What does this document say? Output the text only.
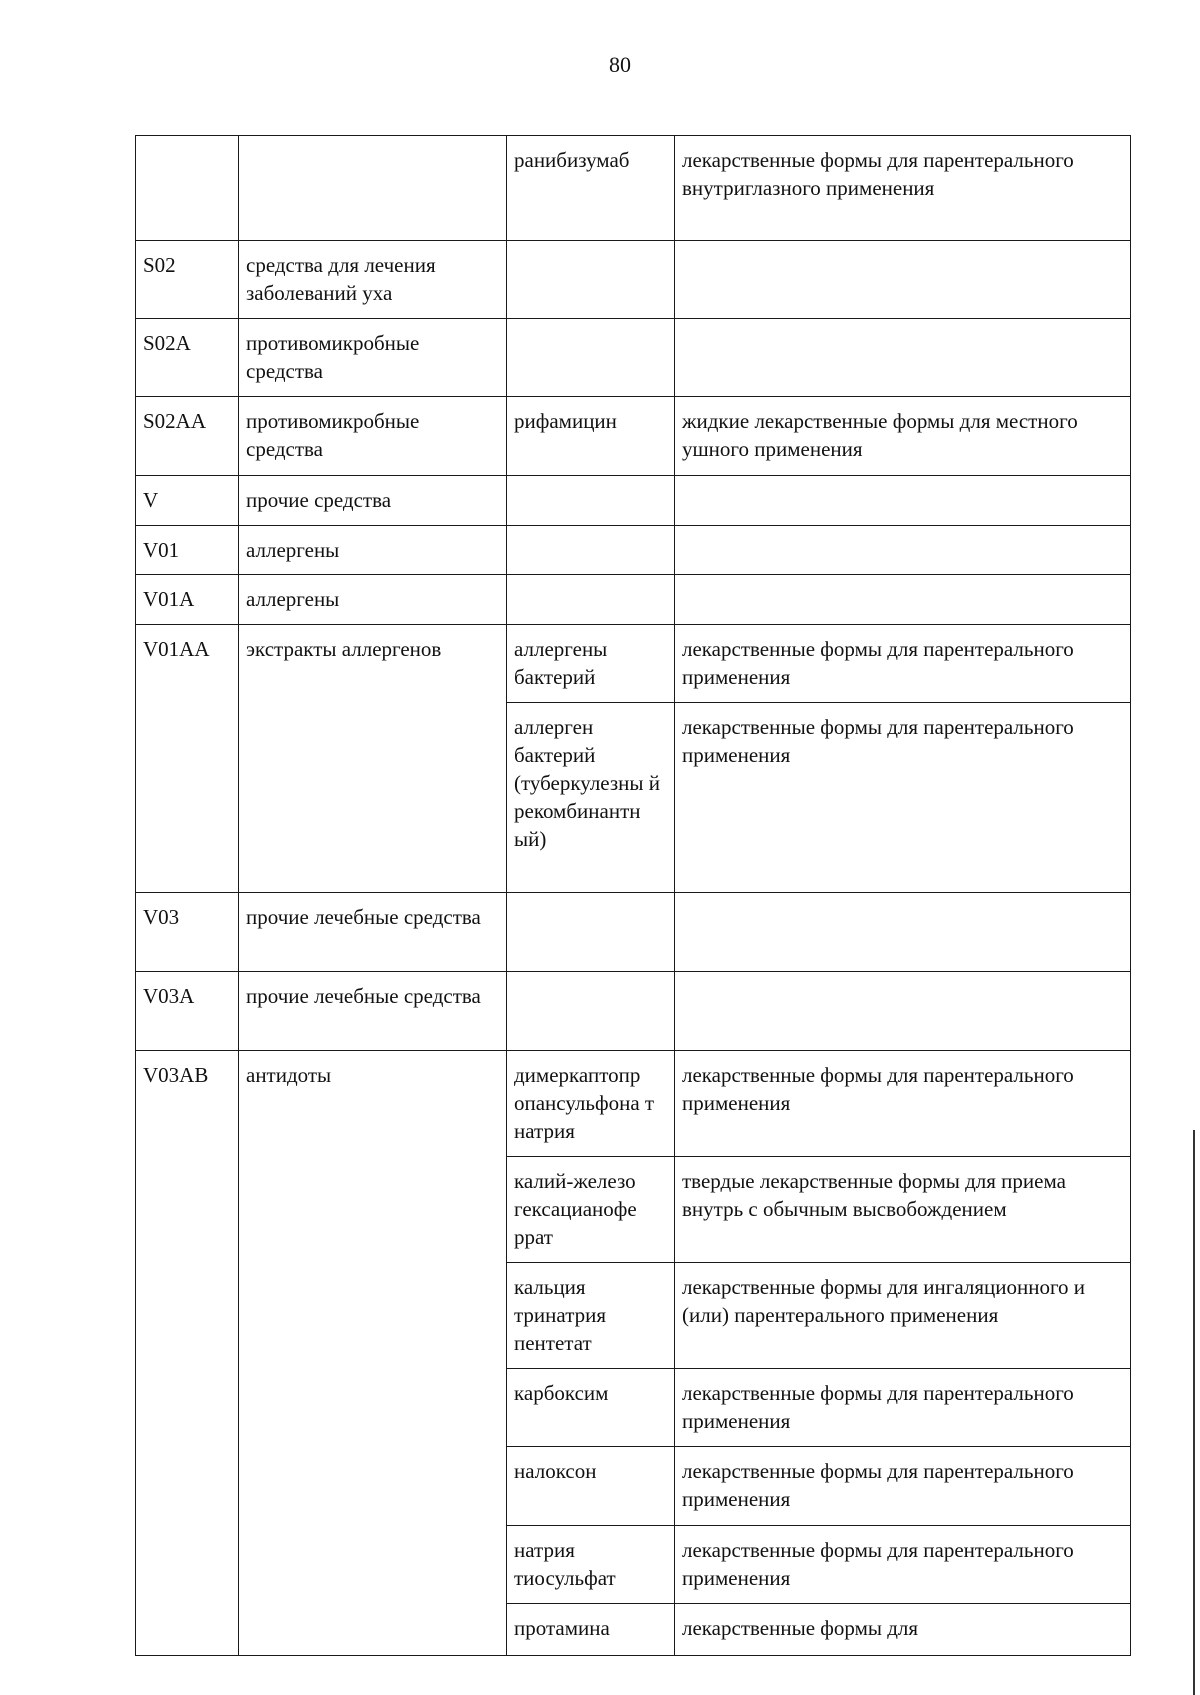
80
		ранибизумаб	лекарственные формы для парентерального внутриглазного применения
S02	средства для лечения заболеваний уха		
S02A	противомикробные средства		
S02AA	противомикробные средства	рифамицин	жидкие лекарственные формы для местного ушного применения
V	прочие средства		
V01	аллергены		
V01A	аллергены		
V01AA	экстракты аллергенов	аллергены бактерий	лекарственные формы для парентерального применения
		аллерген бактерий (туберкулезны й рекомбинантн ый)	лекарственные формы для парентерального применения
V03	прочие лечебные средства		
V03A	прочие лечебные средства		
V03AB	антидоты	димеркаптопр опансульфона т натрия	лекарственные формы для парентерального применения
		калий-железо гексацианофе ррат	твердые лекарственные формы для приема внутрь с обычным высвобождением
		кальция тринатрия пентетат	лекарственные формы для ингаляционного и (или) парентерального применения
		карбоксим	лекарственные формы для парентерального применения
		налоксон	лекарственные формы для парентерального применения
		натрия тиосульфат	лекарственные формы для парентерального применения
		протамина	лекарственные формы для
